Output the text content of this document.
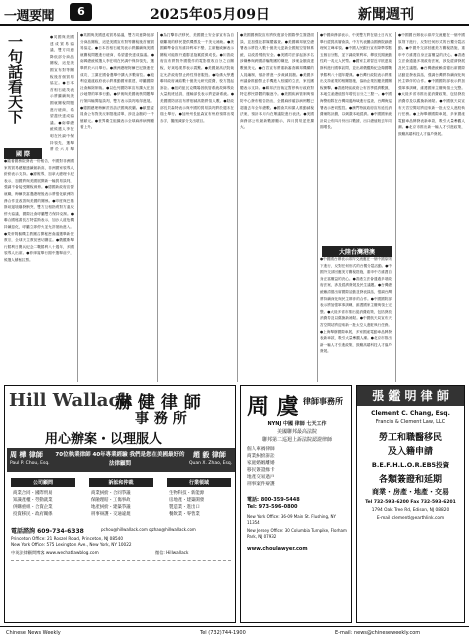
一週要聞	6	2025年05月09日	新聞週刊
一句話看天下
國 際
●隨著國務院發表一份報告，中國對非洲國家的貿易總額連續創新高，非洲國家領導人紛紛表示支持。●據報導，加拿大總理卡尼表示，加國將與美國展開新一輪貿易談判，強調不會接受關稅威脅。●德國新政府宣誓就職，梅爾茨當選總理後表示將強化歐洲防務合作並改善與美國的關係。●印度與巴基斯坦邊境爆發衝突，雙方互相指責對方違反停火協議，國際社會呼籲雙方保持克制。●聯合國秘書長古特雷斯表示，加沙人道危機持續惡化，呼籲立即停火並允許援助進入。●梵蒂岡樞機主教團召開秘密會議選舉新任教宗，全球天主教徒密切關注。●俄羅斯舉行勝利日閱兵紀念二戰勝利八十週年，多國領導人出席。●菲律賓舉行期中選舉前夕，候選人積極拉票。
●英國與美國達成貿易協議，雙方同意降低部分商品關稅，這是美國宣布對等關稅後首個貿易協定。●日本首相石破茂表示將繼續與美國就關稅問題進行磋商，希望盡快達成協議。●南韓總統候選人李在明在民調中保持領先，選舉將於六月舉
●英國與美國達成貿易協議，雙方同意降低部分商品關稅，這是美國宣布對等關稅後首個貿易協定。●日本首相石破茂表示將繼續與美國就關稅問題進行磋商，希望盡快達成協議。●南韓總統候選人李在明在民調中保持領先，選舉將於六月舉行。●澳洲總理阿爾巴尼斯連任成功，工黨在國會選舉中擴大多數席位。●敘利亞過渡政府表示將推動國家重建，呼籲國際社會解除制裁。●以色列國防軍宣布擴大在加沙地帶的軍事行動。●伊朗與美國就核問題舉行第四輪間接談判，雙方表示談判取得進展。●德國總理梅爾茨首訪法國與波蘭。●歐盟委員會公布對美反制措施清單，涉及金額約一千億歐元。●世界衛生組織表示全球麻疹病例顯著上升。
●為打擊非法移民，美國國土安全部宣布為自願離境的移民提供機票及一千美元補助。●美國聯準會宣布維持利率不變，主席鮑威爾表示關稅可能推升通膨並拖累經濟成長。●川普政府宣布將對外國製作的電影徵收百分之百關稅，好萊塢業界表示震驚。●美國最高法院裁定允許政府禁止跨性別者服役。●哈佛大學遭聯邦政府凍結數十億美元研究經費，校方提起訴訟。●紐約紐瓦克機場因航管系統故障導致大量航班延誤，運輸部長表示將更新系統。●美國國防部宣布將削減高階將領人數。●財政部長貝森特表示與中國的貿易談判將於週末在瑞士舉行。●加州州長紐森宣布州府預算出現赤字，擬削減部分支出項目。
●美國國務院宣布將恢復部分國際學生簽證面談，並加強社群媒體審查。●美國聯邦航空總署表示將投入數十億美元更新全國航空管制系統，以改善飛航安全。●美國司法部起訴多名涉嫌參與跨國詐騙集團的嫌犯，涉案金額高達數億美元。●白宮宣布將重新審查聯邦機構的人員編制，預計將進一步裁減員額。●美國多州議會推動禁止手機進入校園的立法，家長團體表示支持。●聯邦法官裁定暫停執行政府對特定移民群體的驅逐令。●美國疾病管制與預防中心發布報告指出，全國麻疹確診病例數已超過去年全年總數。●國會共和黨人推動減稅法案，預計本月內在眾議院進行表決。●美國商務部公布最新數據顯示，四月貿易逆差擴大。
●中國商務部表示，中美雙方將在瑞士日內瓦舉行經貿高層會談，中方代表團由國務院副總理何立峰率領。●中國人民銀行宣布降準零點五個百分點，並下調政策利率，釋放長期流動性約一兆元人民幣。●國家主席習近平抵達莫斯科進行國事訪問，並出席俄羅斯紀念衛國戰爭勝利八十週年慶典。●台灣行政院表示將推出支持產業的相關措施，協助企業因應美國關稅衝擊。●香港特區政府公布首季經濟數據，本地生產總值按年增長百分之三點一。●中國海警船隊在台灣周邊海域進行巡查，台灣海巡署表示密切監控。●澳門特區政府宣布延長消費補貼計劃，以刺激本地經濟。●中國國家統計局公布四月份出口數據，出口總值較去年同期增長。
大陸台灣港澳
●中國國台辦表示兩岸交流應在一個中國原則下進行，反對任何形式的台獨分裂活動。●中國外交部回應美方關稅措施，重申中方維護自身正當權益的決心。●香港立法會通過多項政府法案，涉及經濟發展及民生議題。●台灣總統賴清德出席國際活動並發表談話，強調台灣將持續深化與民主夥伴的合作。●中國國防部表示將加強軍事訓練，維護國家主權與領土完整。●大陸多省市推出促消費政策，包括發放消費券及以舊換新補貼。●中國航天局宣布天宮空間站將迎來新一批太空人進駐執行任務。●上海舉辦國際車展，多家國產電動車品牌發表新車款，吸引大量參觀人潮。●北京市推出新一輪人才引進政策，鼓勵高端科技人才落戶發展。
●中國國台辦表示兩岸交流應在一個中國原則下進行，反對任何形式的台獨分裂活動。●中國外交部回應美方關稅措施，重申中方維護自身正當權益的決心。●香港立法會通過多項政府法案，涉及經濟發展及民生議題。●台灣總統賴清德出席國際活動並發表談話，強調台灣將持續深化與民主夥伴的合作。●中國國防部表示將加強軍事訓練，維護國家主權與領土完整。●大陸多省市推出促消費政策，包括發放消費券及以舊換新補貼。●中國航天局宣布天宮空間站將迎來新一批太空人進駐執行任務。●上海舉辦國際車展，多家國產電動車品牌發表新車款，吸引大量參觀人潮。●北京市推出新一輪人才引進政策，鼓勵高端科技人才落戶發展。
Hill Wallack
赫 健 律 師
事 務 所
用心辦案・以理服人
周 樺 律師
Paul P. Chou, Esq.
70位執業律師 40年專業經驗 我們是您在美國最好的法律顧問
趙 毅 律師
Quan X. Zhao, Esq.
公司顧問	訴訟和仲裁	行業領域
商業合同・國際貿易
知識產權・勞動就業
併購重組・合資企業
投資移民・政府關係
商業糾紛・合同爭議
保險理賠・工傷事故
地產糾紛・建築爭議
刑事辯護・交通違規
生物科技・新能源
房地產・建築開發
製造業・進出口
餐飲業・零售業
電話諮詢 609-734-6338	pchou@hillwallack.com qzhao@hillwallack.com
Princeton Office: 21 Roszel Road, Princeton, NJ 08540
New York Office: 575 Lexington Ave., New York, NY 10022
中英法律顧問博客 www.wechatlawblog.com	微信: Hillwallack
周 虞 律師事務所
NYNJ 中國 律師 七天工作
美國聯邦最高法院
聯邦第二巡迴上訴法院認證律師
個人車禍律師
商業糾紛訴訟
家庭婚姻離婚
移民簽證綠卡
地產交易過戶
刑事案件辯護
電話: 800-359-5448
Tel: 973-596-0800
New York Office: 36-09 Main St. Flushing, NY 11354
New Jersey Office: 30 Columbia Turnpike, Florham Park, NJ 07932
www.choulawyer.com
張 鑑 明 律 師
Clement C. Chang, Esq.
Francis & Clement Law, LLC
勞工和職醫移民
及入籍申請
B.E.F.H.L.O.R.EB5投資
各類簽證和延期
商業・房產・地產・交易
Tel 732-593-6200 Fax 732-593-6201
1794 Oak Tree Rd, Edison, NJ 08820
E-mail clementl@earthlink.com
Chinese News Weekly	Tel (732)744-1900	E-mail: news@chineseweekly.com
